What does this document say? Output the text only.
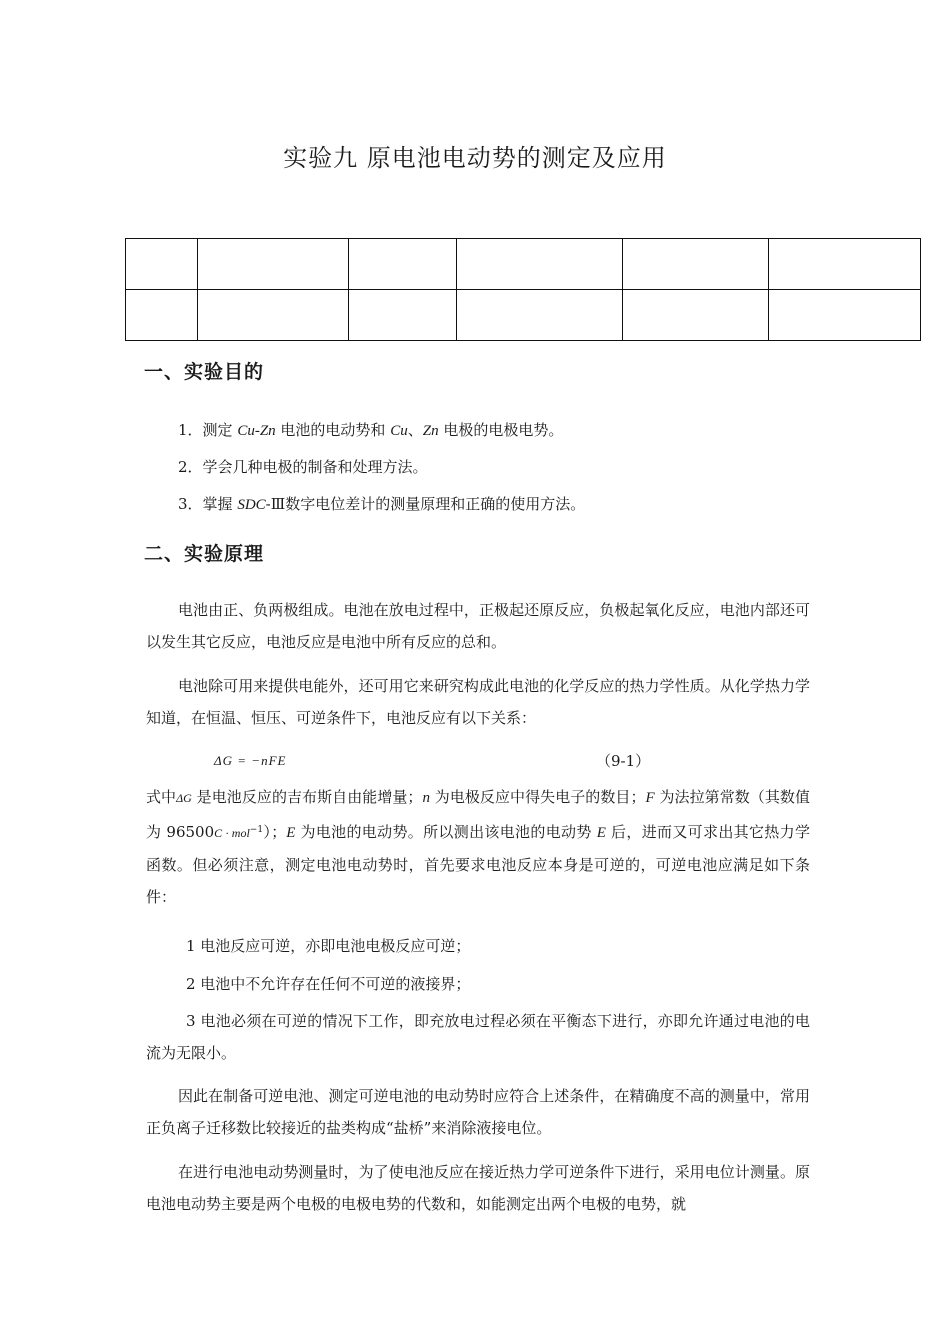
实验九 原电池电动势的测定及应用

一、实验目的
1．测定 Cu-Zn 电池的电动势和 Cu、Zn 电极的电极电势。
2．学会几种电极的制备和处理方法。
3．掌握 SDC-Ⅲ数字电位差计的测量原理和正确的使用方法。
二、实验原理
电池由正、负两极组成。电池在放电过程中，正极起还原反应，负极起氧化反应，电池内部还可以发生其它反应，电池反应是电池中所有反应的总和。
电池除可用来提供电能外，还可用它来研究构成此电池的化学反应的热力学性质。从化学热力学知道，在恒温、恒压、可逆条件下，电池反应有以下关系：
ΔG = −nFE	（9-1）
式中ΔG 是电池反应的吉布斯自由能增量；n 为电极反应中得失电子的数目；F 为法拉第常数（其数值为 96500C · mol$^{-1}$）；E 为电池的电动势。所以测出该电池的电动势 E 后，进而又可求出其它热力学函数。但必须注意，测定电池电动势时，首先要求电池反应本身是可逆的，可逆电池应满足如下条件：
1 电池反应可逆，亦即电池电极反应可逆；
2 电池中不允许存在任何不可逆的液接界；
3 电池必须在可逆的情况下工作，即充放电过程必须在平衡态下进行，亦即允许通过电池的电流为无限小。
因此在制备可逆电池、测定可逆电池的电动势时应符合上述条件，在精确度不高的测量中，常用正负离子迁移数比较接近的盐类构成“盐桥”来消除液接电位。
在进行电池电动势测量时，为了使电池反应在接近热力学可逆条件下进行，采用电位计测量。原电池电动势主要是两个电极的电极电势的代数和，如能测定出两个电极的电势，就
